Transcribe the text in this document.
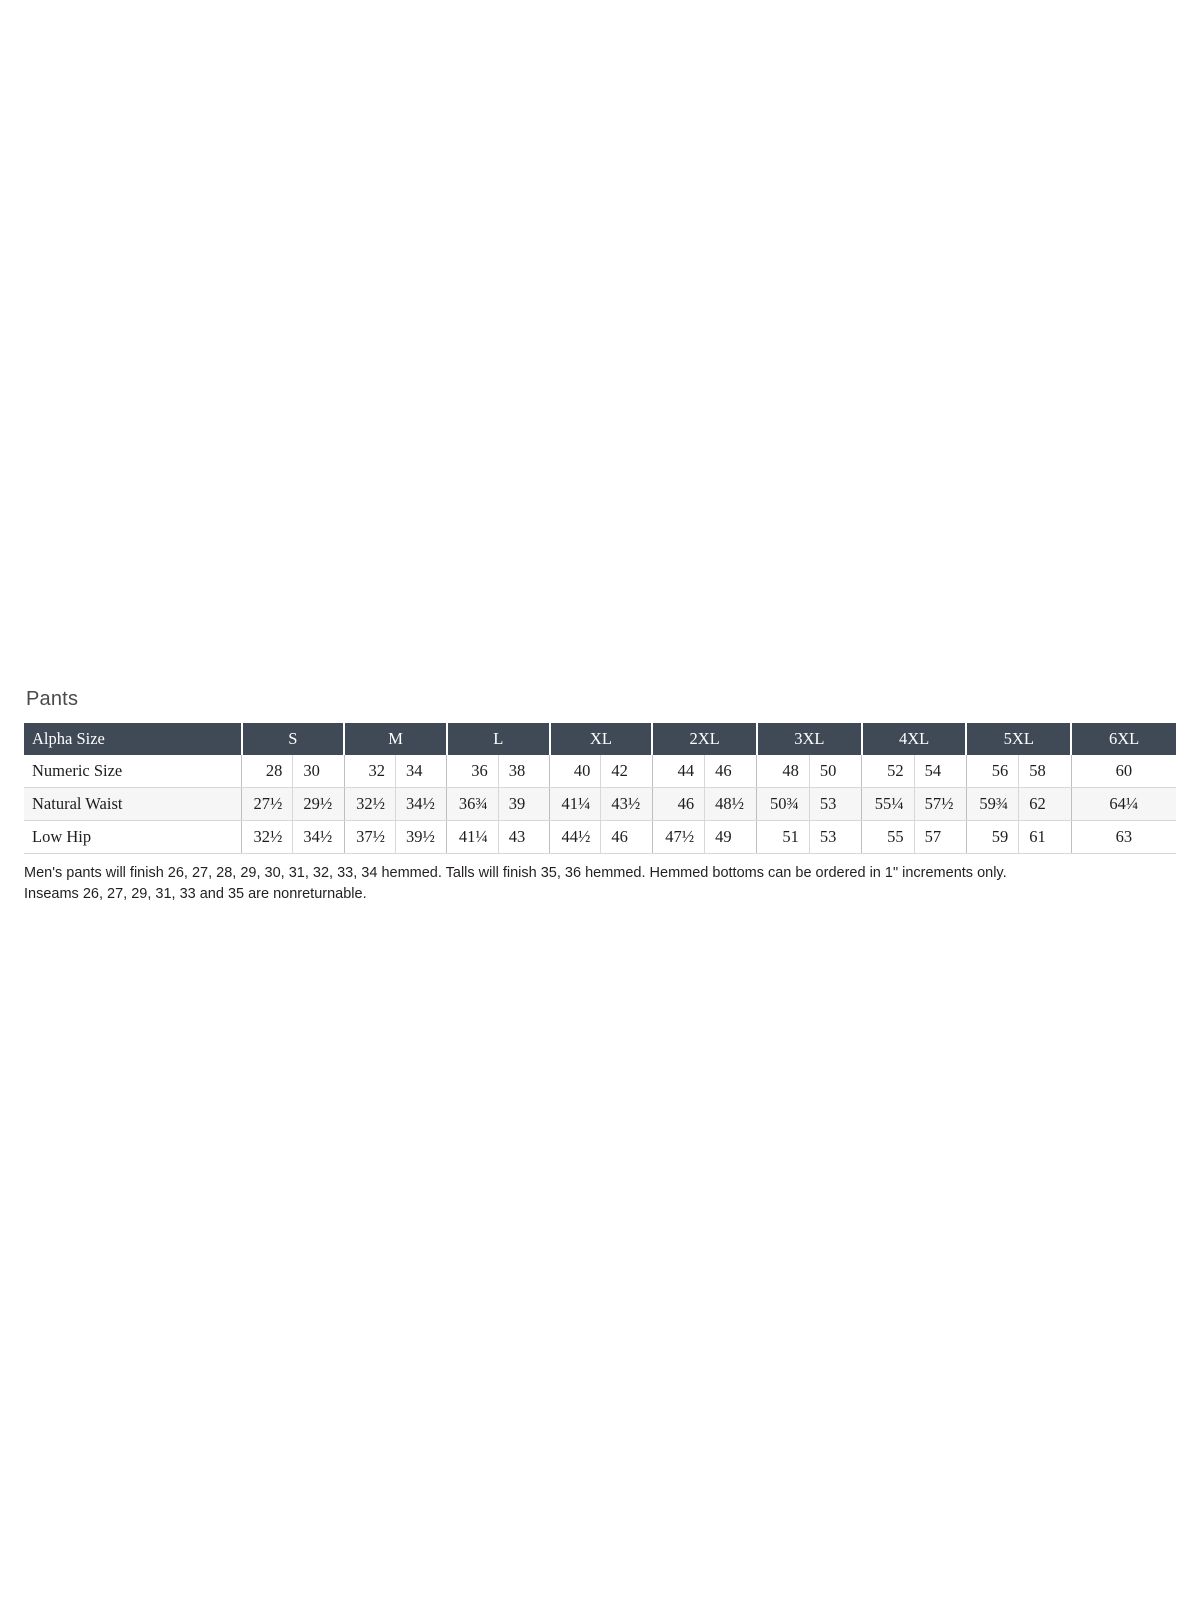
Pants
Alpha Size	S		M		L		XL		2XL		3XL		4XL		5XL		6XL
Numeric Size	28	30	32	34	36	38	40	42	44	46	48	50	52	54	56	58	60
Natural Waist	27½	29½	32½	34½	36¾	39	41¼	43½	46	48½	50¾	53	55¼	57½	59¾	62	64¼
Low Hip	32½	34½	37½	39½	41¼	43	44½	46	47½	49	51	53	55	57	59	61	63
Men's pants will finish 26, 27, 28, 29, 30, 31, 32, 33, 34 hemmed. Talls will finish 35, 36 hemmed. Hemmed bottoms can be ordered in 1" increments only.
Inseams 26, 27, 29, 31, 33 and 35 are nonreturnable.
